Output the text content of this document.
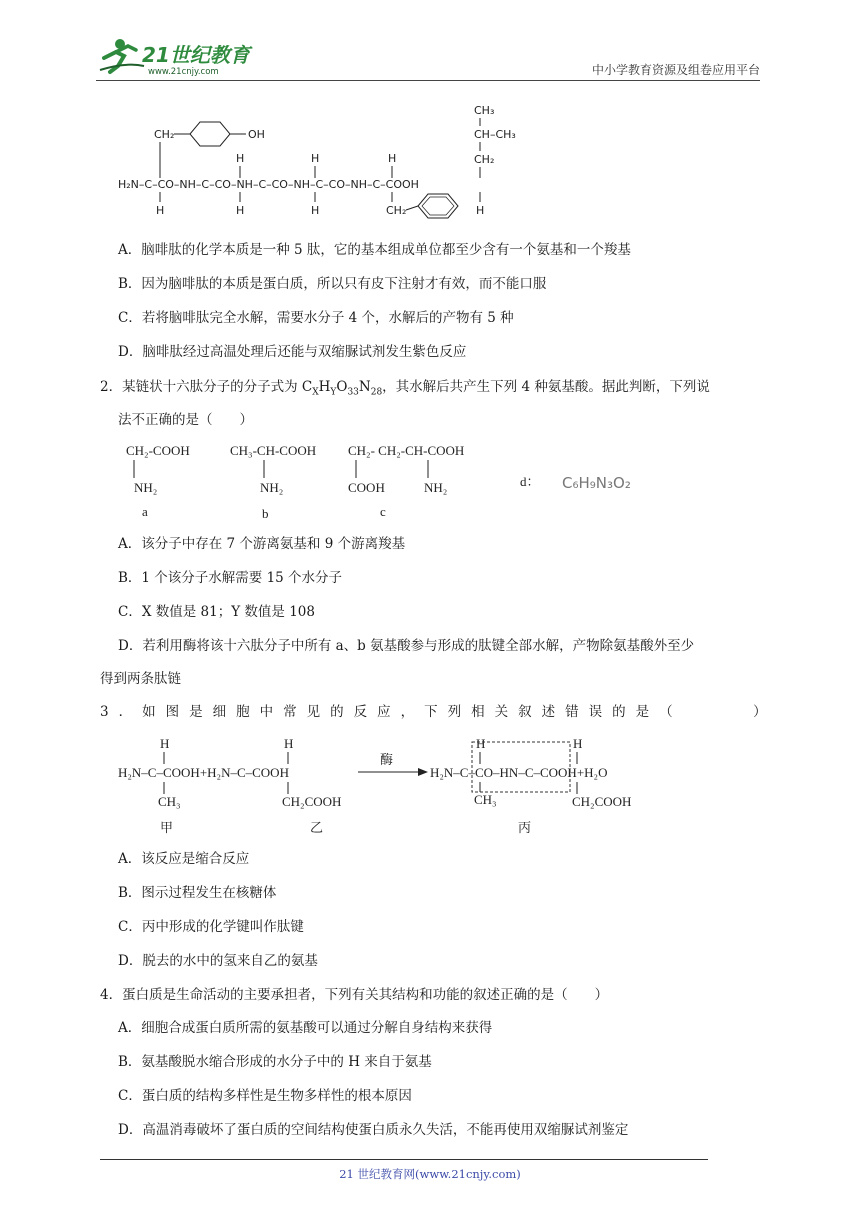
21世纪教育
www.21cnjy.com	中小学教育资源及组卷应用平台
CH₃
CH–CH₃
CH₂
CH₂	OH
H	H	H
H₂N–C–CO–NH–C–CO–NH–C–CO–NH–C–CO–NH–C–COOH
H	H	H	H
CH₂
A．脑啡肽的化学本质是一种 5 肽，它的基本组成单位都至少含有一个氨基和一个羧基
B．因为脑啡肽的本质是蛋白质，所以只有皮下注射才有效，而不能口服
C．若将脑啡肽完全水解，需要水分子 4 个，水解后的产物有 5 种
D．脑啡肽经过高温处理后还能与双缩脲试剂发生紫色反应
2．某链状十六肽分子的分子式为 $C_XH_YO_{33}N_{28}$，其水解后共产生下列 4 种氨基酸。据此判断，下列说
法不正确的是（　　）
CH₂-COOH
NH₂
a
CH₃-CH-COOH
NH₂
b
CH₂- CH₂-CH-COOH
COOH	NH₂
c
d： C₆H₉N₃O₂
A．该分子中存在 7 个游离氨基和 9 个游离羧基
B．1 个该分子水解需要 15 个水分子
C．X 数值是 81；Y 数值是 108
D．若利用酶将该十六肽分子中所有 a、b 氨基酸参与形成的肽键全部水解，产物除氨基酸外至少
得到两条肽链
3．如图是细胞中常见的反应，下列相关叙述错误的是（　　　）
H	H
H₂N–C–COOH+H₂N–C–COOH
CH₃	CH₂COOH
甲	乙
酶
H	H
H₂N–C–CO–HN–C–COOH+H₂O
CH₃	CH₂COOH
丙
A．该反应是缩合反应
B．图示过程发生在核糖体
C．丙中形成的化学键叫作肽键
D．脱去的水中的氢来自乙的氨基
4．蛋白质是生命活动的主要承担者，下列有关其结构和功能的叙述正确的是（　　）
A．细胞合成蛋白质所需的氨基酸可以通过分解自身结构来获得
B．氨基酸脱水缩合形成的水分子中的 H 来自于氨基
C．蛋白质的结构多样性是生物多样性的根本原因
D．高温消毒破坏了蛋白质的空间结构使蛋白质永久失活，不能再使用双缩脲试剂鉴定
21 世纪教育网(www.21cnjy.com)
